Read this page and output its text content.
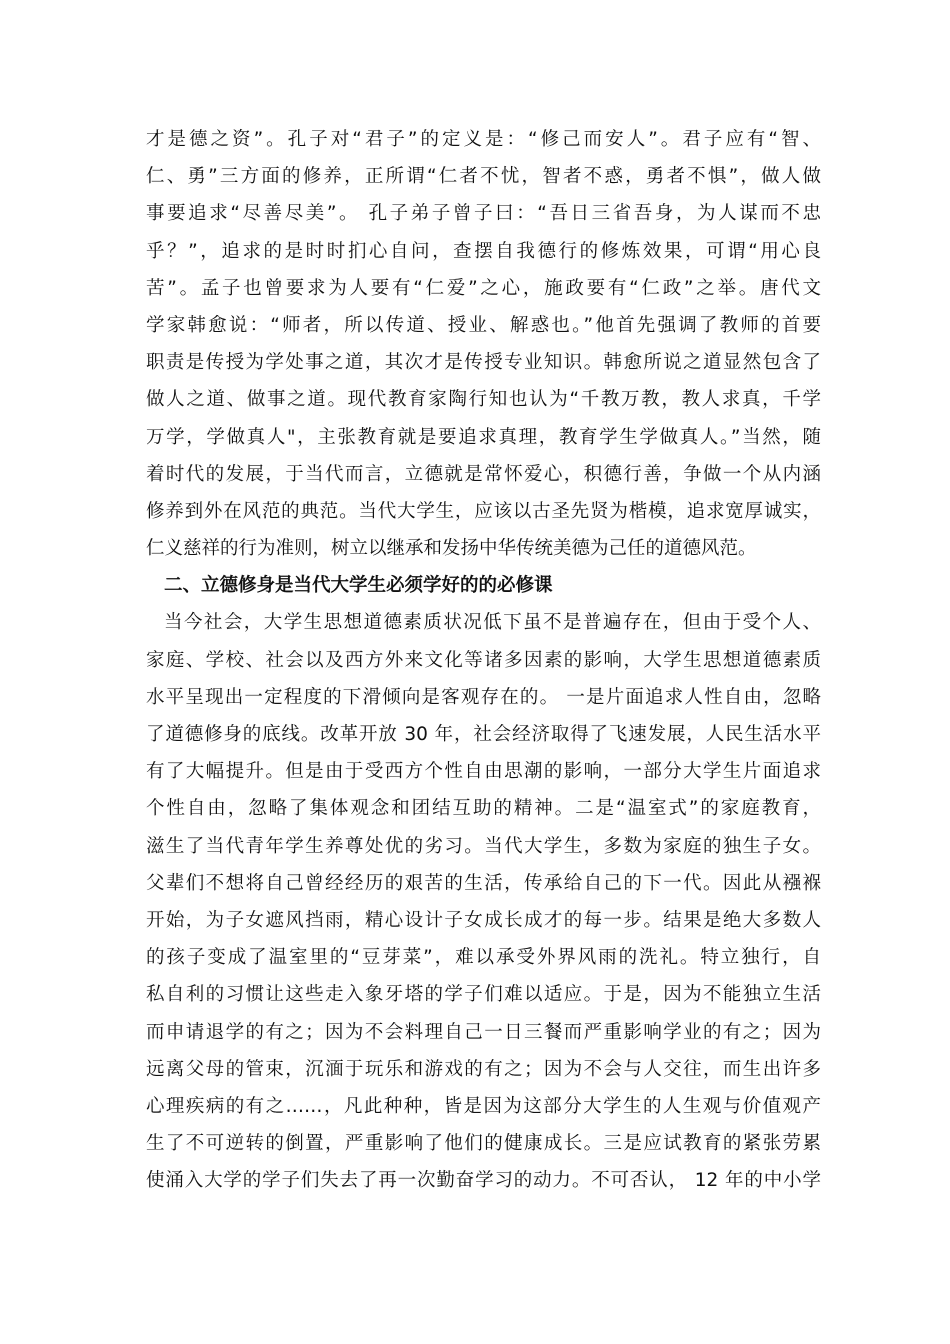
才是德之资”。孔子对“君子”的定义是：“修己而安人”。君子应有“智、
仁、勇”三方面的修养，正所谓“仁者不忧，智者不惑，勇者不惧”，做人做
事要追求“尽善尽美”。 孔子弟子曾子曰：“吾日三省吾身，为人谋而不忠
乎？”，追求的是时时扪心自问，查摆自我德行的修炼效果，可谓“用心良
苦”。孟子也曾要求为人要有“仁爱”之心，施政要有“仁政”之举。唐代文
学家韩愈说：“师者，所以传道、授业、解惑也。”他首先强调了教师的首要
职责是传授为学处事之道，其次才是传授专业知识。韩愈所说之道显然包含了
做人之道、做事之道。现代教育家陶行知也认为“千教万教，教人求真，千学
万学，学做真人"，主张教育就是要追求真理，教育学生学做真人。”当然，随
着时代的发展，于当代而言，立德就是常怀爱心，积德行善，争做一个从内涵
修养到外在风范的典范。当代大学生，应该以古圣先贤为楷模，追求宽厚诚实，
仁义慈祥的行为准则，树立以继承和发扬中华传统美德为己任的道德风范。
二、立德修身是当代大学生必须学好的的必修课
当今社会，大学生思想道德素质状况低下虽不是普遍存在，但由于受个人、
家庭、学校、社会以及西方外来文化等诸多因素的影响，大学生思想道德素质
水平呈现出一定程度的下滑倾向是客观存在的。 一是片面追求人性自由，忽略
了道德修身的底线。改革开放 30 年，社会经济取得了飞速发展，人民生活水平
有了大幅提升。但是由于受西方个性自由思潮的影响，一部分大学生片面追求
个性自由，忽略了集体观念和团结互助的精神。二是“温室式”的家庭教育，
滋生了当代青年学生养尊处优的劣习。当代大学生，多数为家庭的独生子女。
父辈们不想将自己曾经经历的艰苦的生活，传承给自己的下一代。因此从襁褓
开始，为子女遮风挡雨，精心设计子女成长成才的每一步。结果是绝大多数人
的孩子变成了温室里的“豆芽菜”，难以承受外界风雨的洗礼。特立独行，自
私自利的习惯让这些走入象牙塔的学子们难以适应。于是，因为不能独立生活
而申请退学的有之；因为不会料理自己一日三餐而严重影响学业的有之；因为
远离父母的管束，沉湎于玩乐和游戏的有之；因为不会与人交往，而生出许多
心理疾病的有之……，凡此种种，皆是因为这部分大学生的人生观与价值观产
生了不可逆转的倒置，严重影响了他们的健康成长。三是应试教育的紧张劳累
使涌入大学的学子们失去了再一次勤奋学习的动力。不可否认， 12 年的中小学
